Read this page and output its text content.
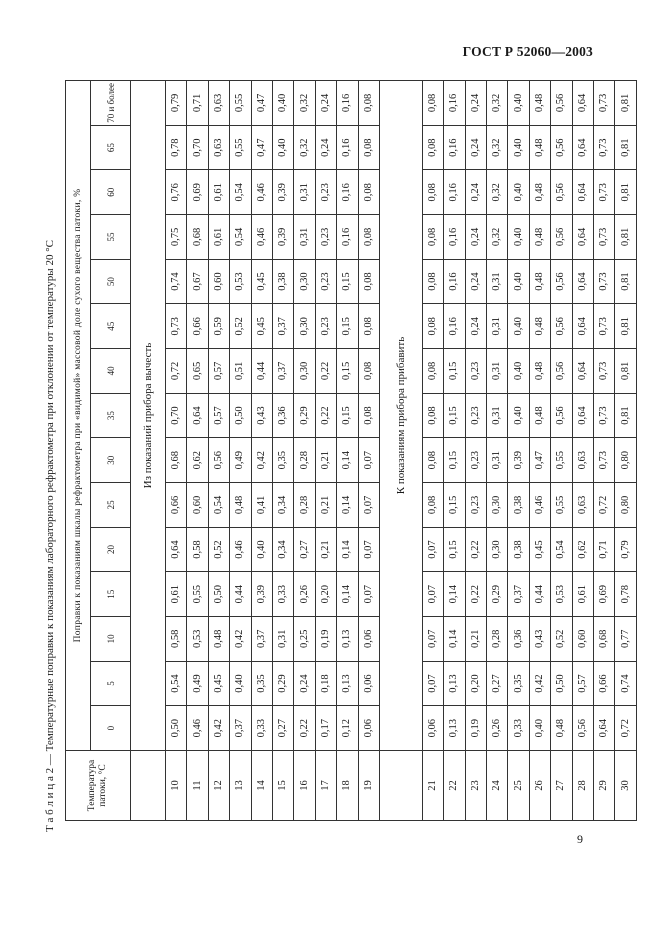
ГОСТ Р 52060—2003
Т а б л и ц а 2 — Температурные поправки к показаниям лабораторного рефрактометра при отклонении от температуры 20 °С	Температура патоки, °С	Поправки к показаниям шкалы рефрактометра при «видимой» массовой доле сухого вещества патоки, %														
	0	5	10	15	20	25	30	35	40	45	50	55	60	65	70 и более
	Из показаний прибора вычесть														
10	0,50	0,54	0,58	0,61	0,64	0,66	0,68	0,70	0,72	0,73	0,74	0,75	0,76	0,78	0,79
11	0,46	0,49	0,53	0,55	0,58	0,60	0,62	0,64	0,65	0,66	0,67	0,68	0,69	0,70	0,71
12	0,42	0,45	0,48	0,50	0,52	0,54	0,56	0,57	0,57	0,59	0,60	0,61	0,61	0,63	0,63
13	0,37	0,40	0,42	0,44	0,46	0,48	0,49	0,50	0,51	0,52	0,53	0,54	0,54	0,55	0,55
14	0,33	0,35	0,37	0,39	0,40	0,41	0,42	0,43	0,44	0,45	0,45	0,46	0,46	0,47	0,47
15	0,27	0,29	0,31	0,33	0,34	0,34	0,35	0,36	0,37	0,37	0,38	0,39	0,39	0,40	0,40
16	0,22	0,24	0,25	0,26	0,27	0,28	0,28	0,29	0,30	0,30	0,30	0,31	0,31	0,32	0,32
17	0,17	0,18	0,19	0,20	0,21	0,21	0,21	0,22	0,22	0,23	0,23	0,23	0,23	0,24	0,24
18	0,12	0,13	0,13	0,14	0,14	0,14	0,14	0,15	0,15	0,15	0,15	0,16	0,16	0,16	0,16
19	0,06	0,06	0,06	0,07	0,07	0,07	0,07	0,08	0,08	0,08	0,08	0,08	0,08	0,08	0,08
	К показаниям прибора прибавить														
21	0,06	0,07	0,07	0,07	0,07	0,08	0,08	0,08	0,08	0,08	0,08	0,08	0,08	0,08	0,08
22	0,13	0,13	0,14	0,14	0,15	0,15	0,15	0,15	0,15	0,16	0,16	0,16	0,16	0,16	0,16
23	0,19	0,20	0,21	0,22	0,22	0,23	0,23	0,23	0,23	0,24	0,24	0,24	0,24	0,24	0,24
24	0,26	0,27	0,28	0,29	0,30	0,30	0,31	0,31	0,31	0,31	0,31	0,32	0,32	0,32	0,32
25	0,33	0,35	0,36	0,37	0,38	0,38	0,39	0,40	0,40	0,40	0,40	0,40	0,40	0,40	0,40
26	0,40	0,42	0,43	0,44	0,45	0,46	0,47	0,48	0,48	0,48	0,48	0,48	0,48	0,48	0,48
27	0,48	0,50	0,52	0,53	0,54	0,55	0,55	0,56	0,56	0,56	0,56	0,56	0,56	0,56	0,56
28	0,56	0,57	0,60	0,61	0,62	0,63	0,63	0,64	0,64	0,64	0,64	0,64	0,64	0,64	0,64
29	0,64	0,66	0,68	0,69	0,71	0,72	0,73	0,73	0,73	0,73	0,73	0,73	0,73	0,73	0,73
30	0,72	0,74	0,77	0,78	0,79	0,80	0,80	0,81	0,81	0,81	0,81	0,81	0,81	0,81	0,81
9
